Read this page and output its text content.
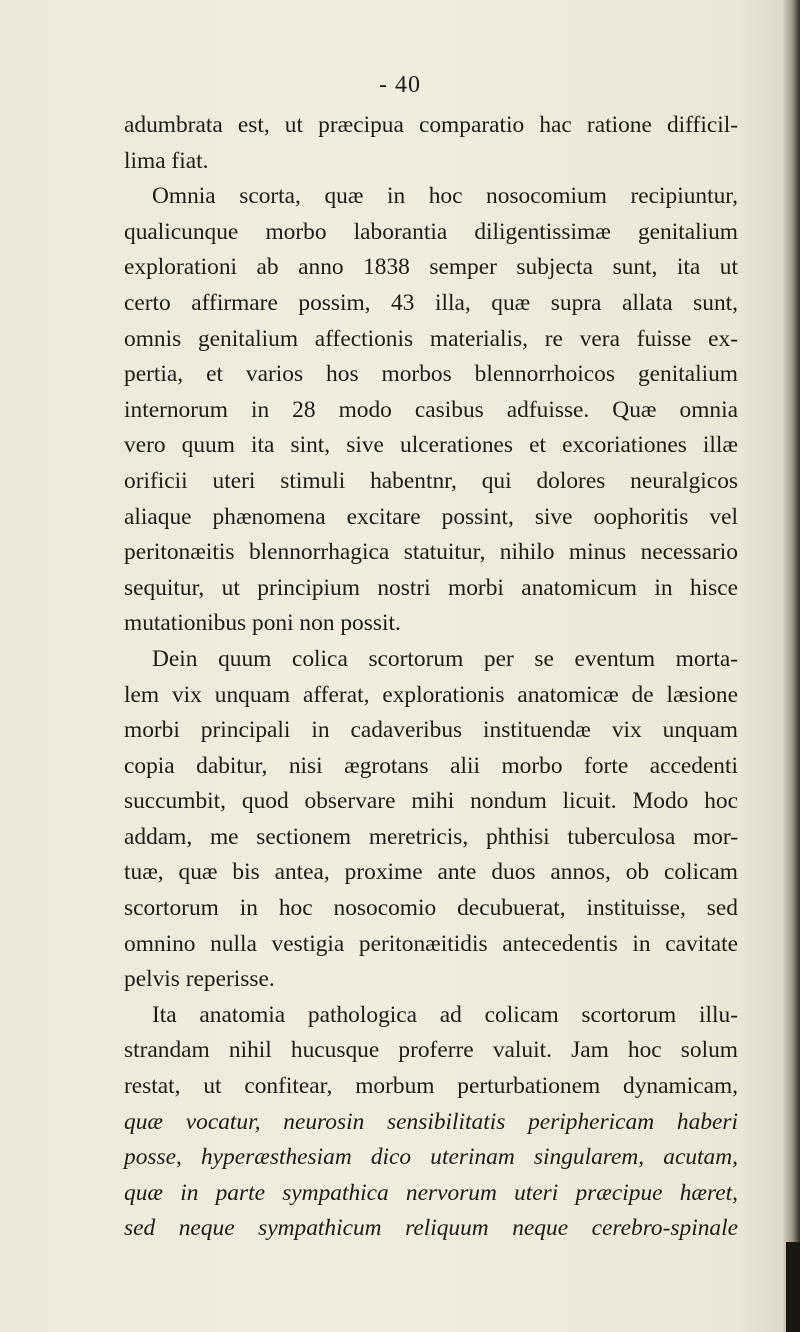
- 40
adumbrata est, ut præcipua comparatio hac ratione difficil-
lima fiat.
Omnia scorta, quæ in hoc nosocomium recipiuntur,
qualicunque morbo laborantia diligentissimæ genitalium
explorationi ab anno 1838 semper subjecta sunt, ita ut
certo affirmare possim, 43 illa, quæ supra allata sunt,
omnis genitalium affectionis materialis, re vera fuisse ex-
pertia, et varios hos morbos blennorrhoicos genitalium
internorum in 28 modo casibus adfuisse. Quæ omnia
vero quum ita sint, sive ulcerationes et excoriationes illæ
orificii uteri stimuli habentnr, qui dolores neuralgicos
aliaque phænomena excitare possint, sive oophoritis vel
peritonæitis blennorrhagica statuitur, nihilo minus necessario
sequitur, ut principium nostri morbi anatomicum in hisce
mutationibus poni non possit.
Dein quum colica scortorum per se eventum morta-
lem vix unquam afferat, explorationis anatomicæ de læsione
morbi principali in cadaveribus instituendæ vix unquam
copia dabitur, nisi ægrotans alii morbo forte accedenti
succumbit, quod observare mihi nondum licuit. Modo hoc
addam, me sectionem meretricis, phthisi tuberculosa mor-
tuæ, quæ bis antea, proxime ante duos annos, ob colicam
scortorum in hoc nosocomio decubuerat, instituisse, sed
omnino nulla vestigia peritonæitidis antecedentis in cavitate
pelvis reperisse.
Ita anatomia pathologica ad colicam scortorum illu-
strandam nihil hucusque proferre valuit. Jam hoc solum
restat, ut confitear, morbum perturbationem dynamicam,
quæ vocatur, neurosin sensibilitatis periphericam haberi
posse, hyperæsthesiam dico uterinam singularem, acutam,
quæ in parte sympathica nervorum uteri præcipue hæret,
sed neque sympathicum reliquum neque cerebro-spinale
